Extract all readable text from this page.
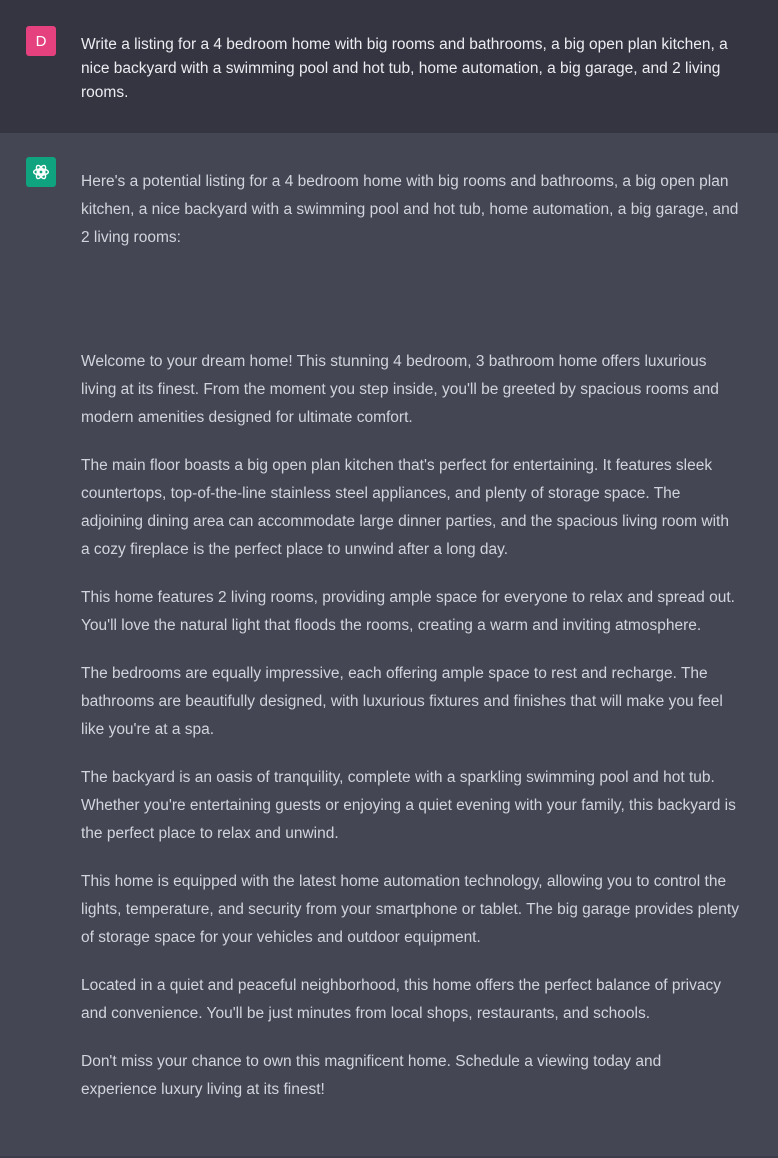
D Write a listing for a 4 bedroom home with big rooms and bathrooms, a big open plan kitchen, a nice backyard with a swimming pool and hot tub, home automation, a big garage, and 2 living rooms.

Here's a potential listing for a 4 bedroom home with big rooms and bathrooms, a big open plan kitchen, a nice backyard with a swimming pool and hot tub, home automation, a big garage, and 2 living rooms:

Welcome to your dream home! This stunning 4 bedroom, 3 bathroom home offers luxurious living at its finest. From the moment you step inside, you'll be greeted by spacious rooms and modern amenities designed for ultimate comfort.

The main floor boasts a big open plan kitchen that's perfect for entertaining. It features sleek countertops, top-of-the-line stainless steel appliances, and plenty of storage space. The adjoining dining area can accommodate large dinner parties, and the spacious living room with a cozy fireplace is the perfect place to unwind after a long day.

This home features 2 living rooms, providing ample space for everyone to relax and spread out. You'll love the natural light that floods the rooms, creating a warm and inviting atmosphere.

The bedrooms are equally impressive, each offering ample space to rest and recharge. The bathrooms are beautifully designed, with luxurious fixtures and finishes that will make you feel like you're at a spa.

The backyard is an oasis of tranquility, complete with a sparkling swimming pool and hot tub. Whether you're entertaining guests or enjoying a quiet evening with your family, this backyard is the perfect place to relax and unwind.

This home is equipped with the latest home automation technology, allowing you to control the lights, temperature, and security from your smartphone or tablet. The big garage provides plenty of storage space for your vehicles and outdoor equipment.

Located in a quiet and peaceful neighborhood, this home offers the perfect balance of privacy and convenience. You'll be just minutes from local shops, restaurants, and schools.

Don't miss your chance to own this magnificent home. Schedule a viewing today and experience luxury living at its finest!
